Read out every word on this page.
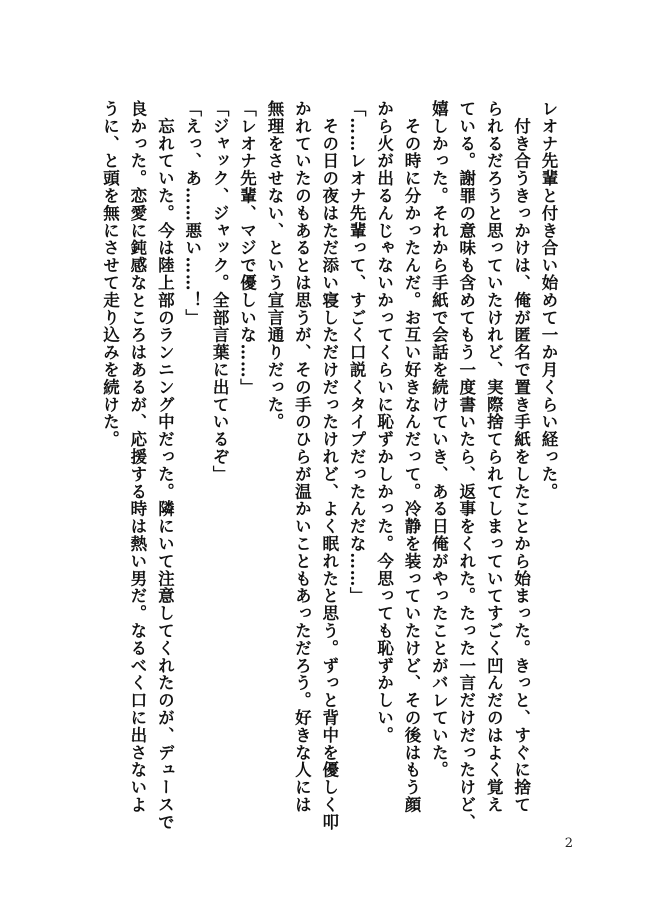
レオナ先輩と付き合い始めて一か月くらい経った。
　付き合うきっかけは、俺が匿名で置き手紙をしたことから始まった。きっと、すぐに捨て
られるだろうと思っていたけれど、実際捨てられてしまっていてすごく凹んだのはよく覚え
ている。謝罪の意味も含めてもう一度書いたら、返事をくれた。たった一言だけだったけど、
嬉しかった。それから手紙で会話を続けていき、ある日俺がやったことがバレていた。
　その時に分かったんだ。お互い好きなんだって。冷静を装っていたけど、その後はもう顔
から火が出るんじゃないかってくらいに恥ずかしかった。今思っても恥ずかしい。
「……レオナ先輩って、すごく口説くタイプだったんだな……」
　その日の夜はただ添い寝しただけだったけれど、よく眠れたと思う。ずっと背中を優しく叩
かれていたのもあるとは思うが、その手のひらが温かいこともあっただろう。好きな人には
無理をさせない、という宣言通りだった。
「レオナ先輩、マジで優しいな……」
「ジャック、ジャック。全部言葉に出ているぞ」
「えっ、あ……悪い……！」
　忘れていた。今は陸上部のランニング中だった。隣にいて注意してくれたのが、デュースで
良かった。恋愛に鈍感なところはあるが、応援する時は熱い男だ。なるべく口に出さないよ
うに、と頭を無にさせて走り込みを続けた。
2
